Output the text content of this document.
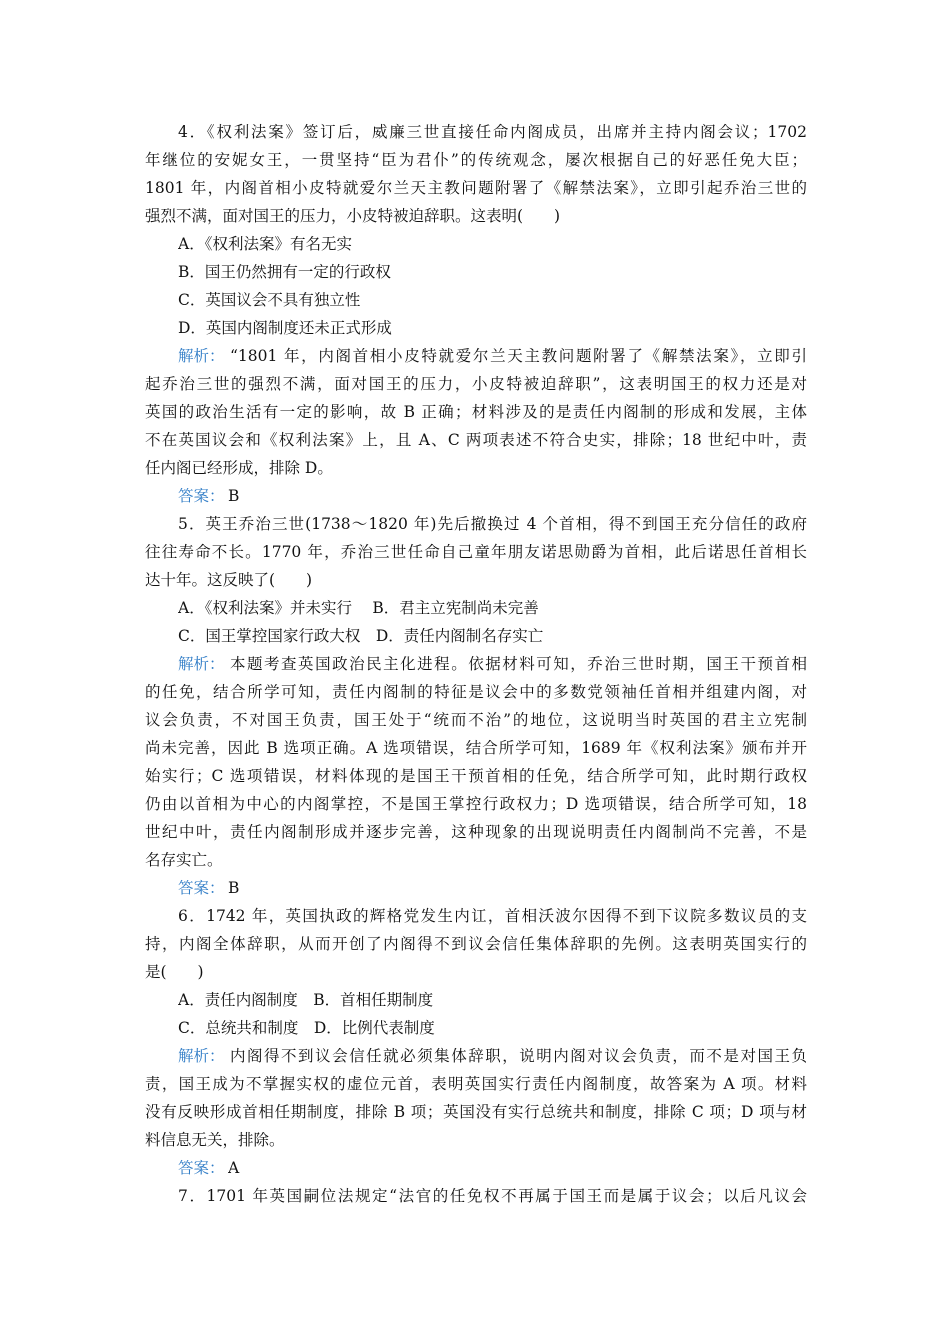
4．《权利法案》签订后，威廉三世直接任命内阁成员，出席并主持内阁会议；1702
年继位的安妮女王，一贯坚持“臣为君仆”的传统观念，屡次根据自己的好恶任免大臣；
1801 年，内阁首相小皮特就爱尔兰天主教问题附署了《解禁法案》，立即引起乔治三世的
强烈不满，面对国王的压力，小皮特被迫辞职。这表明(　　)
A．《权利法案》有名无实
B．国王仍然拥有一定的行政权
C．英国议会不具有独立性
D．英国内阁制度还未正式形成
解析： “1801 年，内阁首相小皮特就爱尔兰天主教问题附署了《解禁法案》，立即引
起乔治三世的强烈不满，面对国王的压力，小皮特被迫辞职”，这表明国王的权力还是对
英国的政治生活有一定的影响，故 B 正确；材料涉及的是责任内阁制的形成和发展，主体
不在英国议会和《权利法案》上，且 A、C 两项表述不符合史实，排除；18 世纪中叶，责
任内阁已经形成，排除 D。
答案： B
5．英王乔治三世(1738～1820 年)先后撤换过 4 个首相，得不到国王充分信任的政府
往往寿命不长。1770 年，乔治三世任命自己童年朋友诺思勋爵为首相，此后诺思任首相长
达十年。这反映了(　　)
A．《权利法案》并未实行　 B．君主立宪制尚未完善
C．国王掌控国家行政大权　D．责任内阁制名存实亡
解析： 本题考查英国政治民主化进程。依据材料可知，乔治三世时期，国王干预首相
的任免，结合所学可知，责任内阁制的特征是议会中的多数党领袖任首相并组建内阁，对
议会负责，不对国王负责，国王处于“统而不治”的地位，这说明当时英国的君主立宪制
尚未完善，因此 B 选项正确。A 选项错误，结合所学可知，1689 年《权利法案》颁布并开
始实行；C 选项错误，材料体现的是国王干预首相的任免，结合所学可知，此时期行政权
仍由以首相为中心的内阁掌控，不是国王掌控行政权力；D 选项错误，结合所学可知，18
世纪中叶，责任内阁制形成并逐步完善，这种现象的出现说明责任内阁制尚不完善，不是
名存实亡。
答案： B
6．1742 年，英国执政的辉格党发生内讧，首相沃波尔因得不到下议院多数议员的支
持，内阁全体辞职，从而开创了内阁得不到议会信任集体辞职的先例。这表明英国实行的
是(　　)
A．责任内阁制度　B．首相任期制度
C．总统共和制度　D．比例代表制度
解析： 内阁得不到议会信任就必须集体辞职，说明内阁对议会负责，而不是对国王负
责，国王成为不掌握实权的虚位元首，表明英国实行责任内阁制度，故答案为 A 项。材料
没有反映形成首相任期制度，排除 B 项；英国没有实行总统共和制度，排除 C 项；D 项与材
料信息无关，排除。
答案： A
7．1701 年英国嗣位法规定“法官的任免权不再属于国王而是属于议会；以后凡议会
